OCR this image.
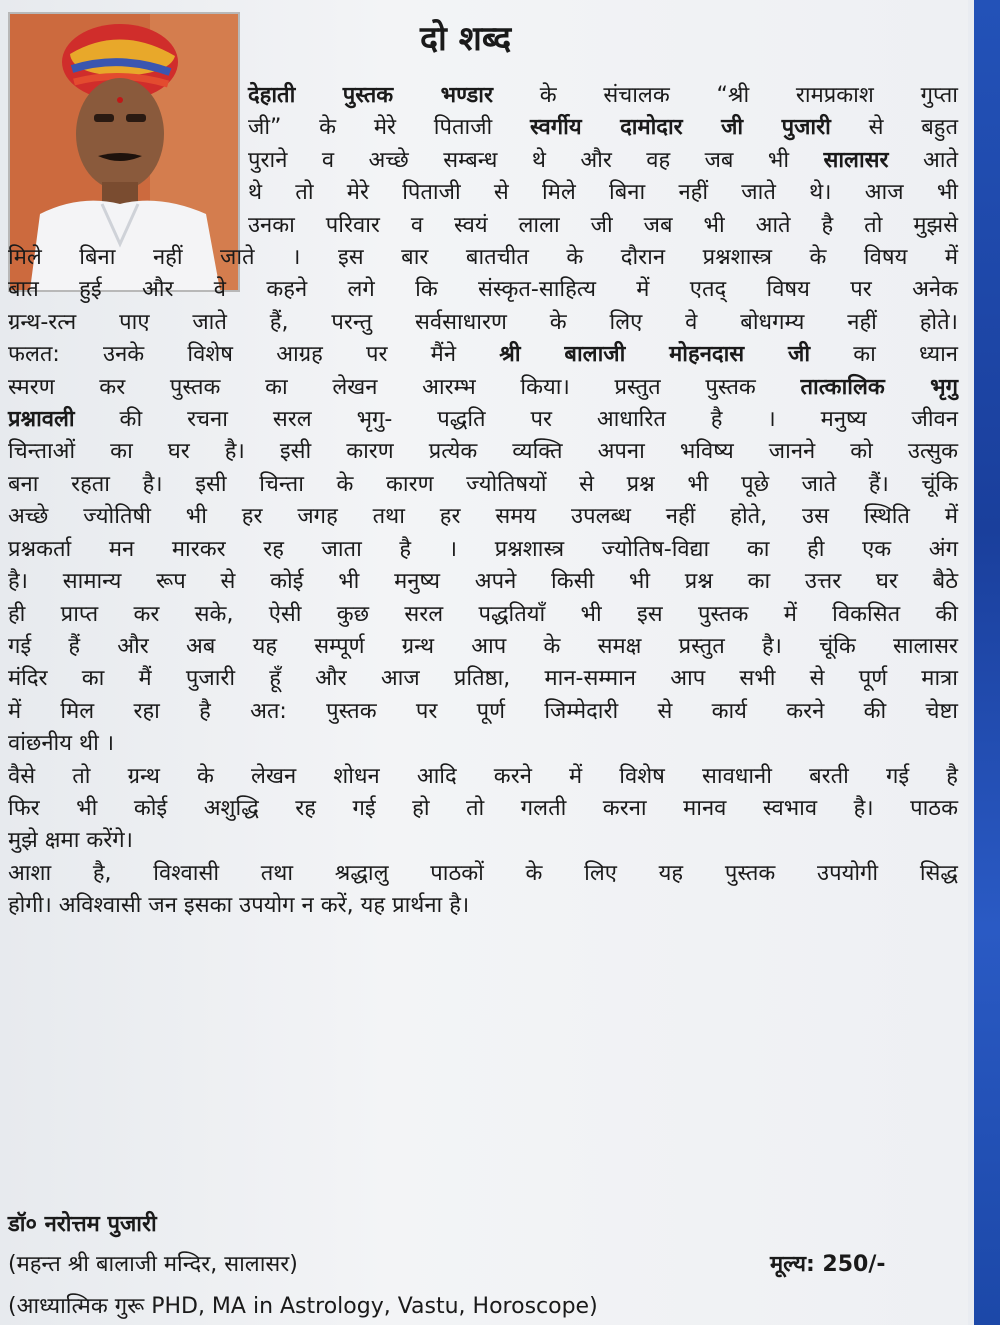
दो शब्द
देहाती पुस्तक भण्डार के संचालक “श्री रामप्रकाश गुप्ता
जी” के मेरे पिताजी स्वर्गीय दामोदार जी पुजारी से बहुत
पुराने व अच्छे सम्बन्ध थे और वह जब भी सालासर आते
थे तो मेरे पिताजी से मिले बिना नहीं जाते थे। आज भी
उनका परिवार व स्वयं लाला जी जब भी आते है तो मुझसे
मिले बिना नहीं जाते । इस बार बातचीत के दौरान प्रश्नशास्त्र के विषय में
बात हुई और वे कहने लगे कि संस्कृत-साहित्य में एतद् विषय पर अनेक
ग्रन्थ-रत्न पाए जाते हैं, परन्तु सर्वसाधारण के लिए वे बोधगम्य नहीं होते।
फलत: उनके विशेष आग्रह पर मैंने श्री बालाजी मोहनदास जी का ध्यान
स्मरण कर पुस्तक का लेखन आरम्भ किया। प्रस्तुत पुस्तक तात्कालिक भृगु
प्रश्नावली की रचना सरल भृगु- पद्धति पर आधारित है । मनुष्य जीवन
चिन्ताओं का घर है। इसी कारण प्रत्येक व्यक्ति अपना भविष्य जानने को उत्सुक
बना रहता है। इसी चिन्ता के कारण ज्योतिषयों से प्रश्न भी पूछे जाते हैं। चूंकि
अच्छे ज्योतिषी भी हर जगह तथा हर समय उपलब्ध नहीं होते, उस स्थिति में
प्रश्नकर्ता मन मारकर रह जाता है । प्रश्नशास्त्र ज्योतिष-विद्या का ही एक अंग
है। सामान्य रूप से कोई भी मनुष्य अपने किसी भी प्रश्न का उत्तर घर बैठे
ही प्राप्त कर सके, ऐसी कुछ सरल पद्धतियाँ भी इस पुस्तक में विकसित की
गई हैं और अब यह सम्पूर्ण ग्रन्थ आप के समक्ष प्रस्तुत है। चूंकि सालासर
मंदिर का मैं पुजारी हूँ और आज प्रतिष्ठा, मान-सम्मान आप सभी से पूर्ण मात्रा
में मिल रहा है अत: पुस्तक पर पूर्ण जिम्मेदारी से कार्य करने की चेष्टा
वांछनीय थी ।
वैसे तो ग्रन्थ के लेखन शोधन आदि करने में विशेष सावधानी बरती गई है
फिर भी कोई अशुद्धि रह गई हो तो गलती करना मानव स्वभाव है। पाठक
मुझे क्षमा करेंगे।
आशा है, विश्वासी तथा श्रद्धालु पाठकों के लिए यह पुस्तक उपयोगी सिद्ध
होगी। अविश्वासी जन इसका उपयोग न करें, यह प्रार्थना है।
डॉ० नरोत्तम पुजारी
(महन्त श्री बालाजी मन्दिर, सालासर)	मूल्य: 250/-
(आध्यात्मिक गुरू PHD, MA in Astrology, Vastu, Horoscope)
